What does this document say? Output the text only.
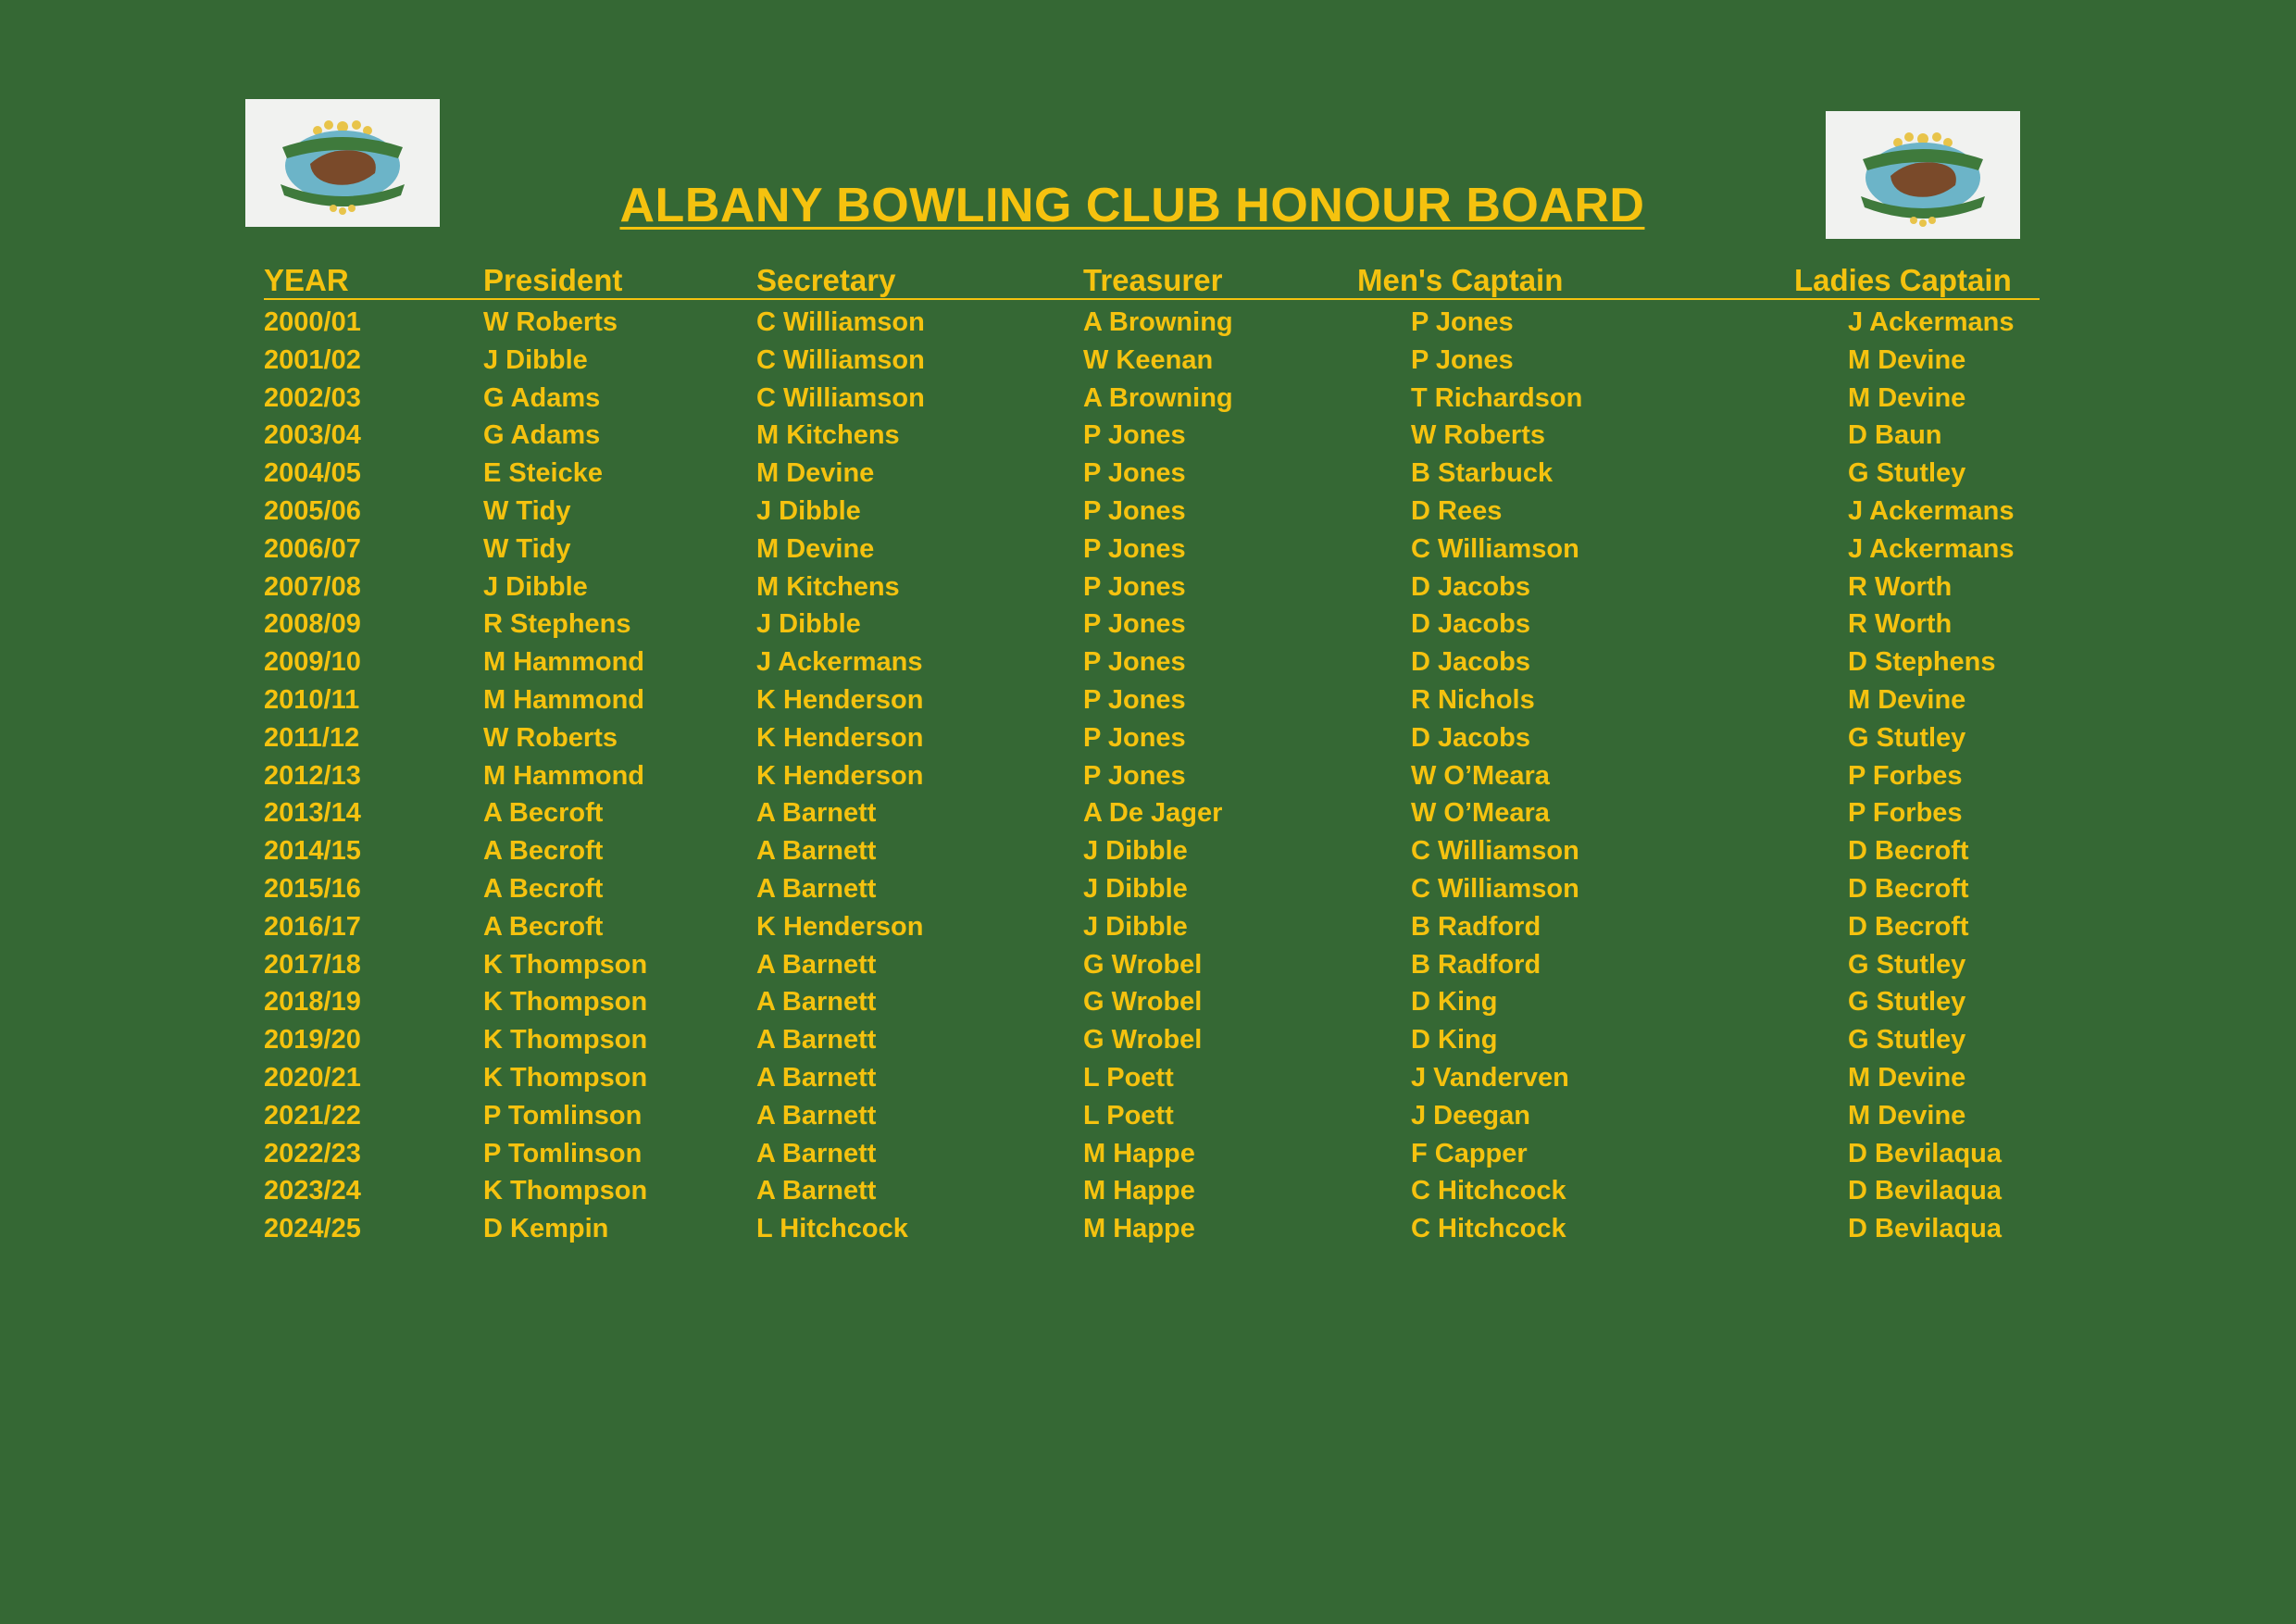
ALBANY BOWLING CLUB HONOUR BOARD
YEAR	President	Secretary	Treasurer	Men's Captain	Ladies Captain
2000/01	W Roberts	C Williamson	A Browning	P Jones	J Ackermans
2001/02	J Dibble	C Williamson	W Keenan	P Jones	M Devine
2002/03	G Adams	C Williamson	A Browning	T Richardson	M Devine
2003/04	G Adams	M Kitchens	P Jones	W Roberts	D Baun
2004/05	E Steicke	M Devine	P Jones	B Starbuck	G Stutley
2005/06	W Tidy	J Dibble	P Jones	D Rees	J Ackermans
2006/07	W Tidy	M Devine	P Jones	C Williamson	J Ackermans
2007/08	J Dibble	M Kitchens	P Jones	D Jacobs	R Worth
2008/09	R Stephens	J Dibble	P Jones	D Jacobs	R Worth
2009/10	M Hammond	J Ackermans	P Jones	D Jacobs	D Stephens
2010/11	M Hammond	K Henderson	P Jones	R Nichols	M Devine
2011/12	W Roberts	K Henderson	P Jones	D Jacobs	G Stutley
2012/13	M Hammond	K Henderson	P Jones	W O’Meara	P Forbes
2013/14	A Becroft	A Barnett	A De Jager	W O’Meara	P Forbes
2014/15	A Becroft	A Barnett	J Dibble	C Williamson	D Becroft
2015/16	A Becroft	A Barnett	J Dibble	C Williamson	D Becroft
2016/17	A Becroft	K Henderson	J Dibble	B Radford	D Becroft
2017/18	K Thompson	A Barnett	G Wrobel	B Radford	G Stutley
2018/19	K Thompson	A Barnett	G Wrobel	D King	G Stutley
2019/20	K Thompson	A Barnett	G Wrobel	D King	G Stutley
2020/21	K Thompson	A Barnett	L Poett	J Vanderven	M Devine
2021/22	P Tomlinson	A Barnett	L Poett	J Deegan	M Devine
2022/23	P Tomlinson	A Barnett	M Happe	F Capper	D Bevilaqua
2023/24	K Thompson	A Barnett	M Happe	C Hitchcock	D Bevilaqua
2024/25	D Kempin	L Hitchcock	M Happe	C Hitchcock	D Bevilaqua
